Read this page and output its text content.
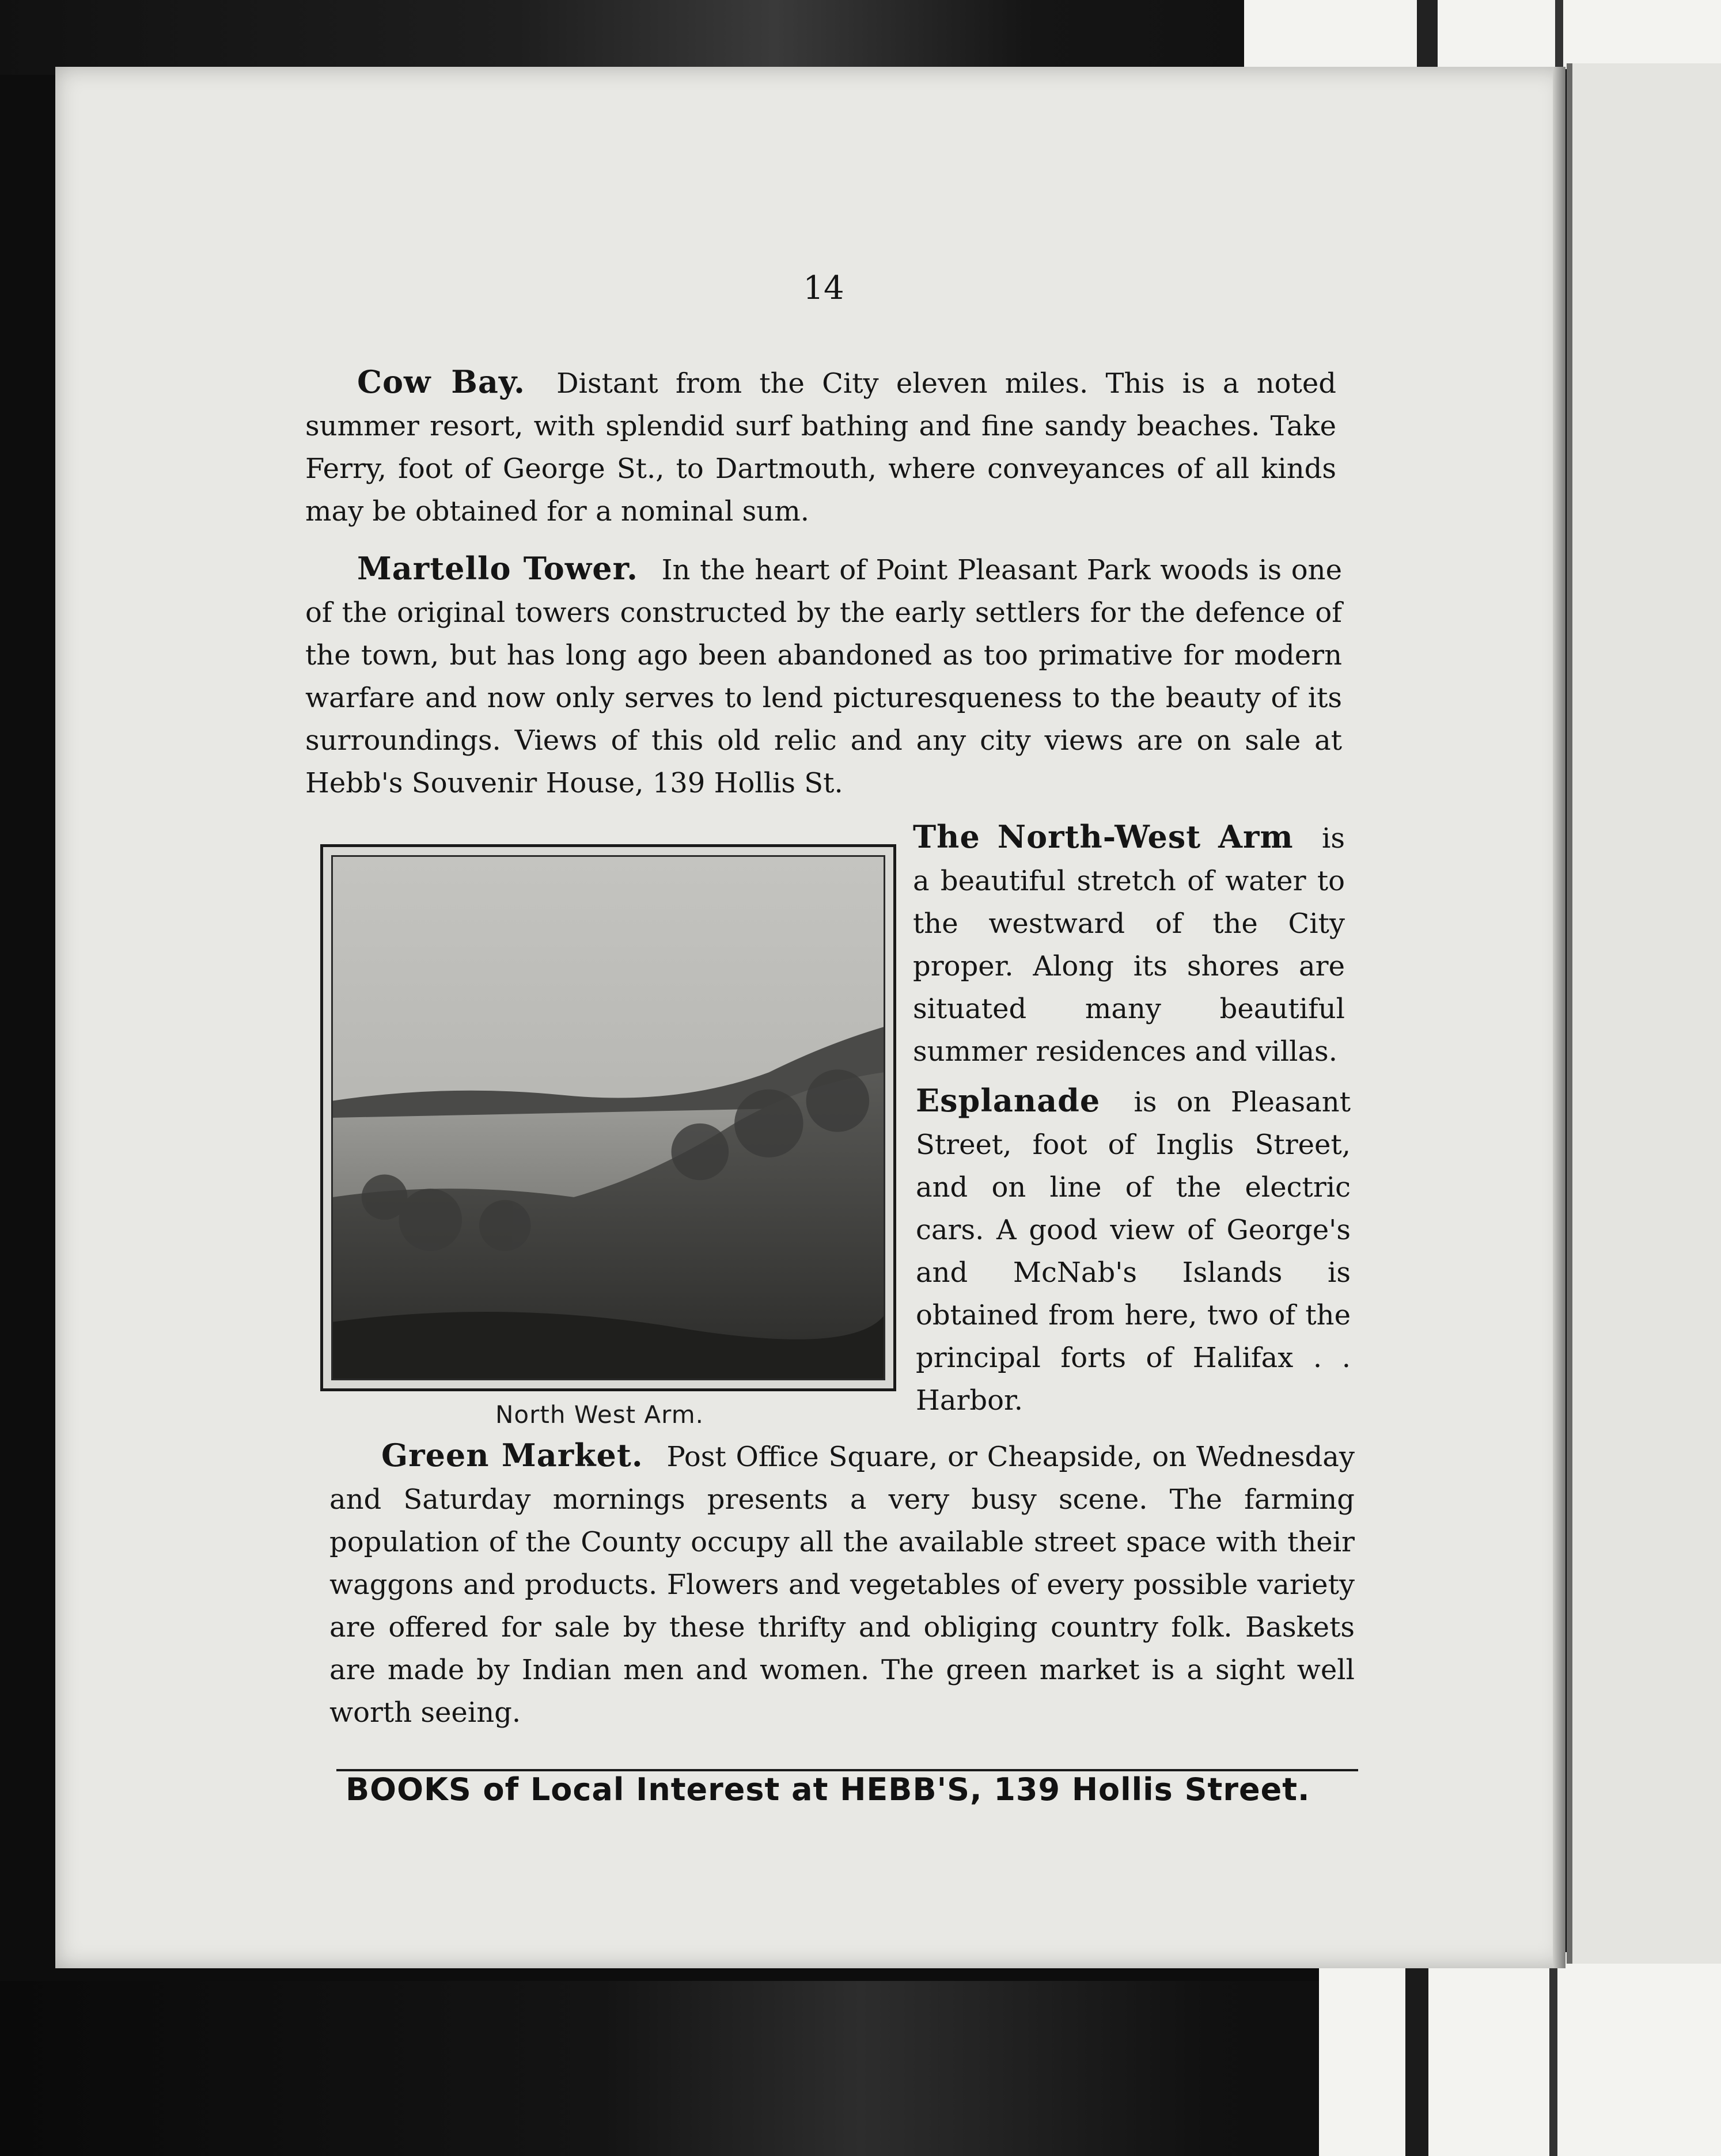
14

Cow Bay. Distant from the City eleven miles. This is a noted summer resort, with splendid surf bathing and fine sandy beaches. Take Ferry, foot of George St., to Dartmouth, where conveyances of all kinds may be obtained for a nominal sum.

Martello Tower. In the heart of Point Pleasant Park woods is one of the original towers constructed by the early settlers for the defence of the town, but has long ago been abandoned as too primative for modern warfare and now only serves to lend picturesqueness to the beauty of its surroundings. Views of this old relic and any city views are on sale at Hebb's Souvenir House, 139 Hollis St.

North West Arm.

The North-West Arm is a beautiful stretch of water to the westward of the City proper. Along its shores are situated many beautiful summer residences and villas.

Esplanade is on Pleasant Street, foot of Inglis Street, and on line of the electric cars. A good view of George's and McNab's Islands is obtained from here, two of the principal forts of Halifax . . Harbor.

Green Market. Post Office Square, or Cheapside, on Wednesday and Saturday mornings presents a very busy scene. The farming population of the County occupy all the available street space with their waggons and products. Flowers and vegetables of every possible variety are offered for sale by these thrifty and obliging country folk. Baskets are made by Indian men and women. The green market is a sight well worth seeing.

BOOKS of Local Interest at HEBB'S, 139 Hollis Street.
